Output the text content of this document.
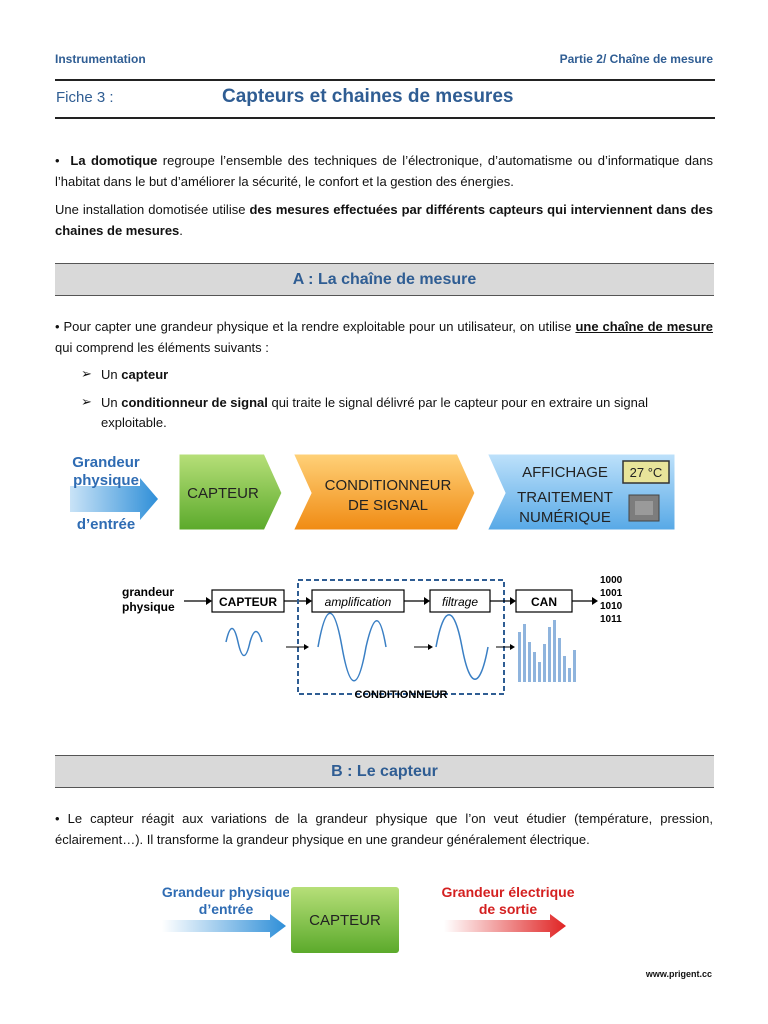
Instrumentation	Partie 2/ Chaîne de mesure
Fiche 3 :	Capteurs et chaines de mesures
• La domotique regroupe l’ensemble des techniques de l’électronique, d’automatisme ou d’informatique dans l’habitat dans le but d’améliorer la sécurité, le confort et la gestion des énergies.
Une installation domotisée utilise des mesures effectuées par différents capteurs qui interviennent dans des chaines de mesures.
A : La chaîne de mesure
• Pour capter une grandeur physique et la rendre exploitable pour un utilisateur, on utilise une chaîne de mesure qui comprend les éléments suivants :
➢ Un capteur
➢ Un conditionneur de signal qui traite le signal délivré par le capteur pour en extraire un signal exploitable.
Grandeur
physique
d’entrée
CAPTEUR	CONDITIONNEUR
DE SIGNAL
AFFICHAGE
TRAITEMENT
NUMÉRIQUE
27 °C
grandeur
physique	CAPTEUR	amplification	filtrage	CAN
1000
1001
1010
1011
CONDITIONNEUR
B : Le capteur
• Le capteur réagit aux variations de la grandeur physique que l’on veut étudier (température, pression, éclairement…). Il transforme la grandeur physique en une grandeur généralement électrique.
Grandeur physique
d’entrée
CAPTEUR
Grandeur électrique
de sortie
www.prigent.cc
